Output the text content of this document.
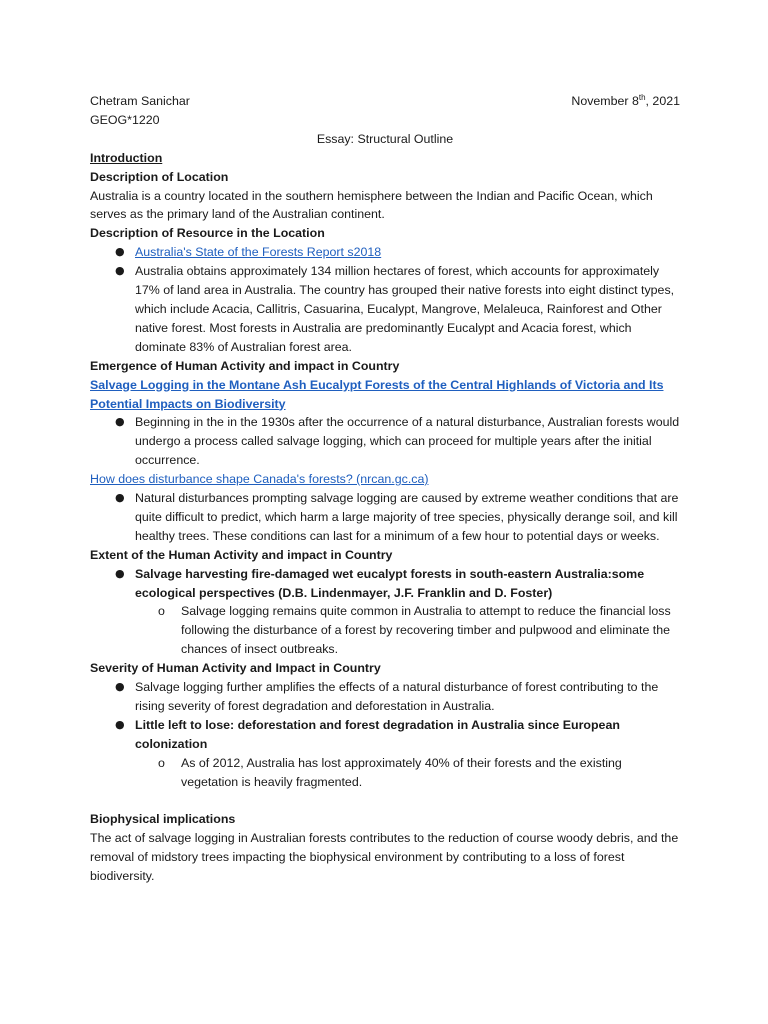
Chetram Sanichar	November 8th, 2021
GEOG*1220
Essay: Structural Outline
Introduction
Description of Location

Australia is a country located in the southern hemisphere between the Indian and Pacific Ocean, which serves as the primary land of the Australian continent.

Description of Resource in the Location
● Australia's State of the Forests Report s2018
● Australia obtains approximately 134 million hectares of forest, which accounts for approximately 17% of land area in Australia. The country has grouped their native forests into eight distinct types, which include Acacia, Callitris, Casuarina, Eucalypt, Mangrove, Melaleuca, Rainforest and Other native forest. Most forests in Australia are predominantly Eucalypt and Acacia forest, which dominate 83% of Australian forest area.
Emergence of Human Activity and impact in Country
Salvage Logging in the Montane Ash Eucalypt Forests of the Central Highlands of Victoria and Its Potential Impacts on Biodiversity
● Beginning in the in the 1930s after the occurrence of a natural disturbance, Australian forests would undergo a process called salvage logging, which can proceed for multiple years after the initial occurrence.
How does disturbance shape Canada's forests? (nrcan.gc.ca)
● Natural disturbances prompting salvage logging are caused by extreme weather conditions that are quite difficult to predict, which harm a large majority of tree species, physically derange soil, and kill healthy trees. These conditions can last for a minimum of a few hour to potential days or weeks.
Extent of the Human Activity and impact in Country
● Salvage harvesting fire-damaged wet eucalypt forests in south-eastern Australia:some ecological perspectives (D.B. Lindenmayer, J.F. Franklin and D. Foster)
o Salvage logging remains quite common in Australia to attempt to reduce the financial loss following the disturbance of a forest by recovering timber and pulpwood and eliminate the chances of insect outbreaks.
Severity of Human Activity and Impact in Country
● Salvage logging further amplifies the effects of a natural disturbance of forest contributing to the rising severity of forest degradation and deforestation in Australia.
● Little left to lose: deforestation and forest degradation in Australia since European colonization
o As of 2012, Australia has lost approximately 40% of their forests and the existing vegetation is heavily fragmented.
Biophysical implications

The act of salvage logging in Australian forests contributes to the reduction of course woody debris, and the removal of midstory trees impacting the biophysical environment by contributing to a loss of forest biodiversity.
